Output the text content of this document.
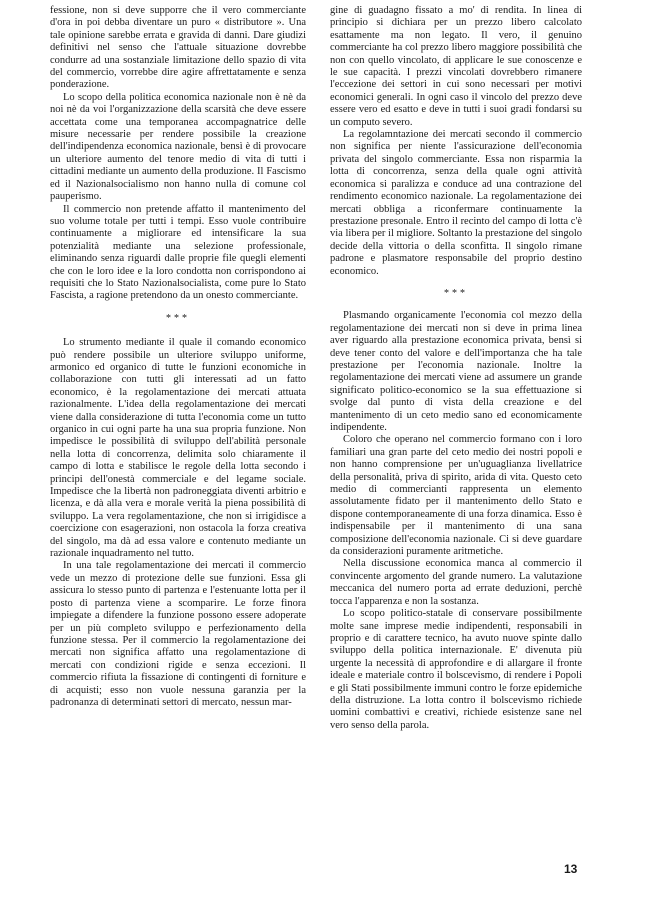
fessione, non si deve supporre che il vero commerciante d'ora in poi debba diventare un puro « distributore ». Una tale opinione sarebbe errata e gravida di danni. Dare giudizi definitivi nel senso che l'attuale situazione dovrebbe condurre ad una sostanziale limitazione dello spazio di vita del commercio, vorrebbe dire agire affrettatamente e senza ponderazione.

Lo scopo della politica economica nazionale non è nè da noi nè da voi l'organizzazione della scarsità che deve essere accettata come una temporanea accompagnatrice delle misure necessarie per rendere possibile la creazione dell'indipendenza economica nazionale, bensì è di provocare un ulteriore aumento del tenore medio di vita di tutti i cittadini mediante un aumento della produzione. Il Fascismo ed il Nazionalsocialismo non hanno nulla di comune col pauperismo.

Il commercio non pretende affatto il mantenimento del suo volume totale per tutti i tempi. Esso vuole contribuire continuamente a migliorare ed intensificare la sua potenzialità mediante una selezione professionale, eliminando senza riguardi dalle proprie file quegli elementi che con le loro idee e la loro condotta non corrispondono ai requisiti che lo Stato Nazionalsocialista, come pure lo Stato Fascista, a ragione pretendono da un onesto commerciante.

***

Lo strumento mediante il quale il comando economico può rendere possibile un ulteriore sviluppo uniforme, armonico ed organico di tutte le funzioni economiche in collaborazione con tutti gli interessati ad un fatto economico, è la regolamentazione dei mercati attuata razionalmente. L'idea della regolamentazione dei mercati viene dalla considerazione di tutta l'economia come un tutto organico in cui ogni parte ha una sua propria funzione. Non impedisce le possibilità di sviluppo dell'abilità personale nella lotta di concorrenza, delimita solo chiaramente il campo di lotta e stabilisce le regole della lotta secondo i principi dell'onestà commerciale e del legame sociale. Impedisce che la libertà non padroneggiata diventi arbitrio e licenza, e dà alla vera e morale verità la piena possibilità di sviluppo. La vera regolamentazione, che non si irrigidisce a coercizione con esagerazioni, non ostacola la forza creativa del singolo, ma dà ad essa valore e contenuto mediante un razionale inquadramento nel tutto.

In una tale regolamentazione dei mercati il commercio vede un mezzo di protezione delle sue funzioni. Essa gli assicura lo stesso punto di partenza e l'estenuante lotta per il posto di partenza viene a scomparire. Le forze finora impiegate a difendere la funzione possono essere adoperate per un più completo sviluppo e perfezionamento della funzione stessa. Per il commercio la regolamentazione dei mercati non significa affatto una regolamentazione di mercati con condizioni rigide e senza eccezioni. Il commercio rifiuta la fissazione di contingenti di forniture e di acquisti; esso non vuole nessuna garanzia per la padronanza di determinati settori di mercato, nessun mar-

gine di guadagno fissato a mo' di rendita. In linea di principio si dichiara per un prezzo libero calcolato esattamente ma non legato. Il vero, il genuino commerciante ha col prezzo libero maggiore possibilità che non con quello vincolato, di applicare le sue conoscenze e le sue capacità. I prezzi vincolati dovrebbero rimanere l'eccezione dei settori in cui sono necessari per motivi economici generali. In ogni caso il vincolo del prezzo deve essere vero ed esatto e deve in tutti i suoi gradi fondarsi su un computo severo.

La regolamntazione dei mercati secondo il commercio non significa per niente l'assicurazione dell'economia privata del singolo commerciante. Essa non risparmia la lotta di concorrenza, senza della quale ogni attività economica si paralizza e conduce ad una contrazione del rendimento economico nazionale. La regolamentazione dei mercati obbliga a riconfermare continuamente la prestazione presonale. Entro il recinto del campo di lotta c'è via libera per il migliore. Soltanto la prestazione del singolo decide della vittoria o della sconfitta. Il singolo rimane padrone e plasmatore responsabile del proprio destino economico.

***

Plasmando organicamente l'economia col mezzo della regolamentazione dei mercati non si deve in prima linea aver riguardo alla prestazione economica privata, bensì si deve tener conto del valore e dell'importanza che ha tale prestazione per l'economia nazionale. Inoltre la regolamentazione dei mercati viene ad assumere un grande significato politico-economico se la sua effettuazione si svolge dal punto di vista della creazione e del mantenimento di un ceto medio sano ed economicamente indipendente.

Coloro che operano nel commercio formano con i loro familiari una gran parte del ceto medio dei nostri popoli e non hanno comprensione per un'uguaglianza livellatrice della personalità, priva di spirito, arida di vita. Questo ceto medio di commercianti rappresenta un elemento assolutamente fidato per il mantenimento dello Stato e dispone contemporaneamente di una forza dinamica. Esso è indispensabile per il mantenimento di una sana composizione dell'economia nazionale. Ci si deve guardare da considerazioni puramente aritmetiche.

Nella discussione economica manca al commercio il convincente argomento del grande numero. La valutazione meccanica del numero porta ad errate deduzioni, perchè tocca l'apparenza e non la sostanza.

Lo scopo politico-statale di conservare possibilmente molte sane imprese medie indipendenti, responsabili in proprio e di carattere tecnico, ha avuto nuove spinte dallo sviluppo della politica internazionale. E' divenuta più urgente la necessità di approfondire e di allargare il fronte ideale e materiale contro il bolscevismo, di rendere i Popoli e gli Stati possibilmente immuni contro le forze epidemiche della distruzione. La lotta contro il bolscevismo richiede uomini combattivi e creativi, richiede esistenze sane nel vero senso della parola.

13
